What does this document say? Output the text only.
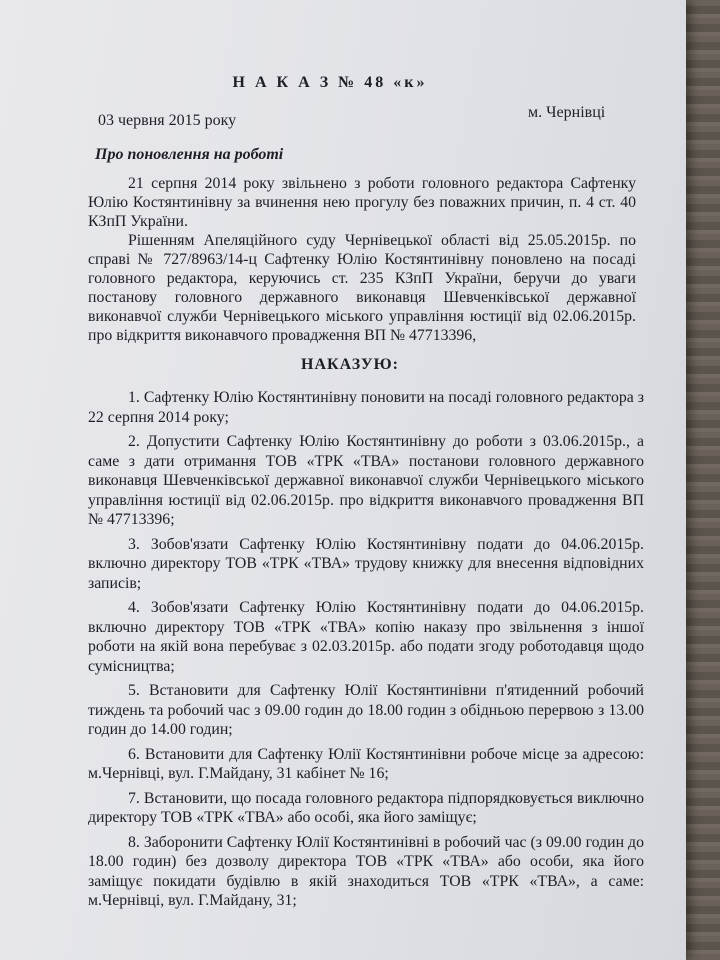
Н А К А З № 48 «к»
03 червня 2015 року	м. Чернівці
Про поновлення на роботі

21 серпня 2014 року звільнено з роботи головного редактора Сафтенку Юлію Костянтинівну за вчинення нею прогулу без поважних причин, п. 4 ст. 40 КЗпП України.

Рішенням Апеляційного суду Чернівецької області від 25.05.2015р. по справі № 727/8963/14-ц Сафтенку Юлію Костянтинівну поновлено на посаді головного редактора, керуючись ст. 235 КЗпП України, беручи до уваги постанову головного державного виконавця Шевченківської державної виконавчої служби Чернівецького міського управління юстиції від 02.06.2015р. про відкриття виконавчого провадження ВП № 47713396,

НАКАЗУЮ:

1. Сафтенку Юлію Костянтинівну поновити на посаді головного редактора з 22 серпня 2014 року;

2. Допустити Сафтенку Юлію Костянтинівну до роботи з 03.06.2015р., а саме з дати отримання ТОВ «ТРК «ТВА» постанови головного державного виконавця Шевченківської державної виконавчої служби Чернівецького міського управління юстиції від 02.06.2015р. про відкриття виконавчого провадження ВП № 47713396;

3. Зобов'язати Сафтенку Юлію Костянтинівну подати до 04.06.2015р. включно директору ТОВ «ТРК «ТВА» трудову книжку для внесення відповідних записів;

4. Зобов'язати Сафтенку Юлію Костянтинівну подати до 04.06.2015р. включно директору ТОВ «ТРК «ТВА» копію наказу про звільнення з іншої роботи на якій вона перебуває з 02.03.2015р. або подати згоду роботодавця щодо сумісництва;

5. Встановити для Сафтенку Юлії Костянтинівни п'ятиденний робочий тиждень та робочий час з 09.00 годин до 18.00 годин з обідньою перервою з 13.00 годин до 14.00 годин;

6. Встановити для Сафтенку Юлії Костянтинівни робоче місце за адресою: м.Чернівці, вул. Г.Майдану, 31 кабінет № 16;

7. Встановити, що посада головного редактора підпорядковується виключно директору ТОВ «ТРК «ТВА» або особі, яка його заміщує;

8. Заборонити Сафтенку Юлії Костянтинівні в робочий час (з 09.00 годин до 18.00 годин) без дозволу директора ТОВ «ТРК «ТВА» або особи, яка його заміщує покидати будівлю в якій знаходиться ТОВ «ТРК «ТВА», а саме: м.Чернівці, вул. Г.Майдану, 31;
